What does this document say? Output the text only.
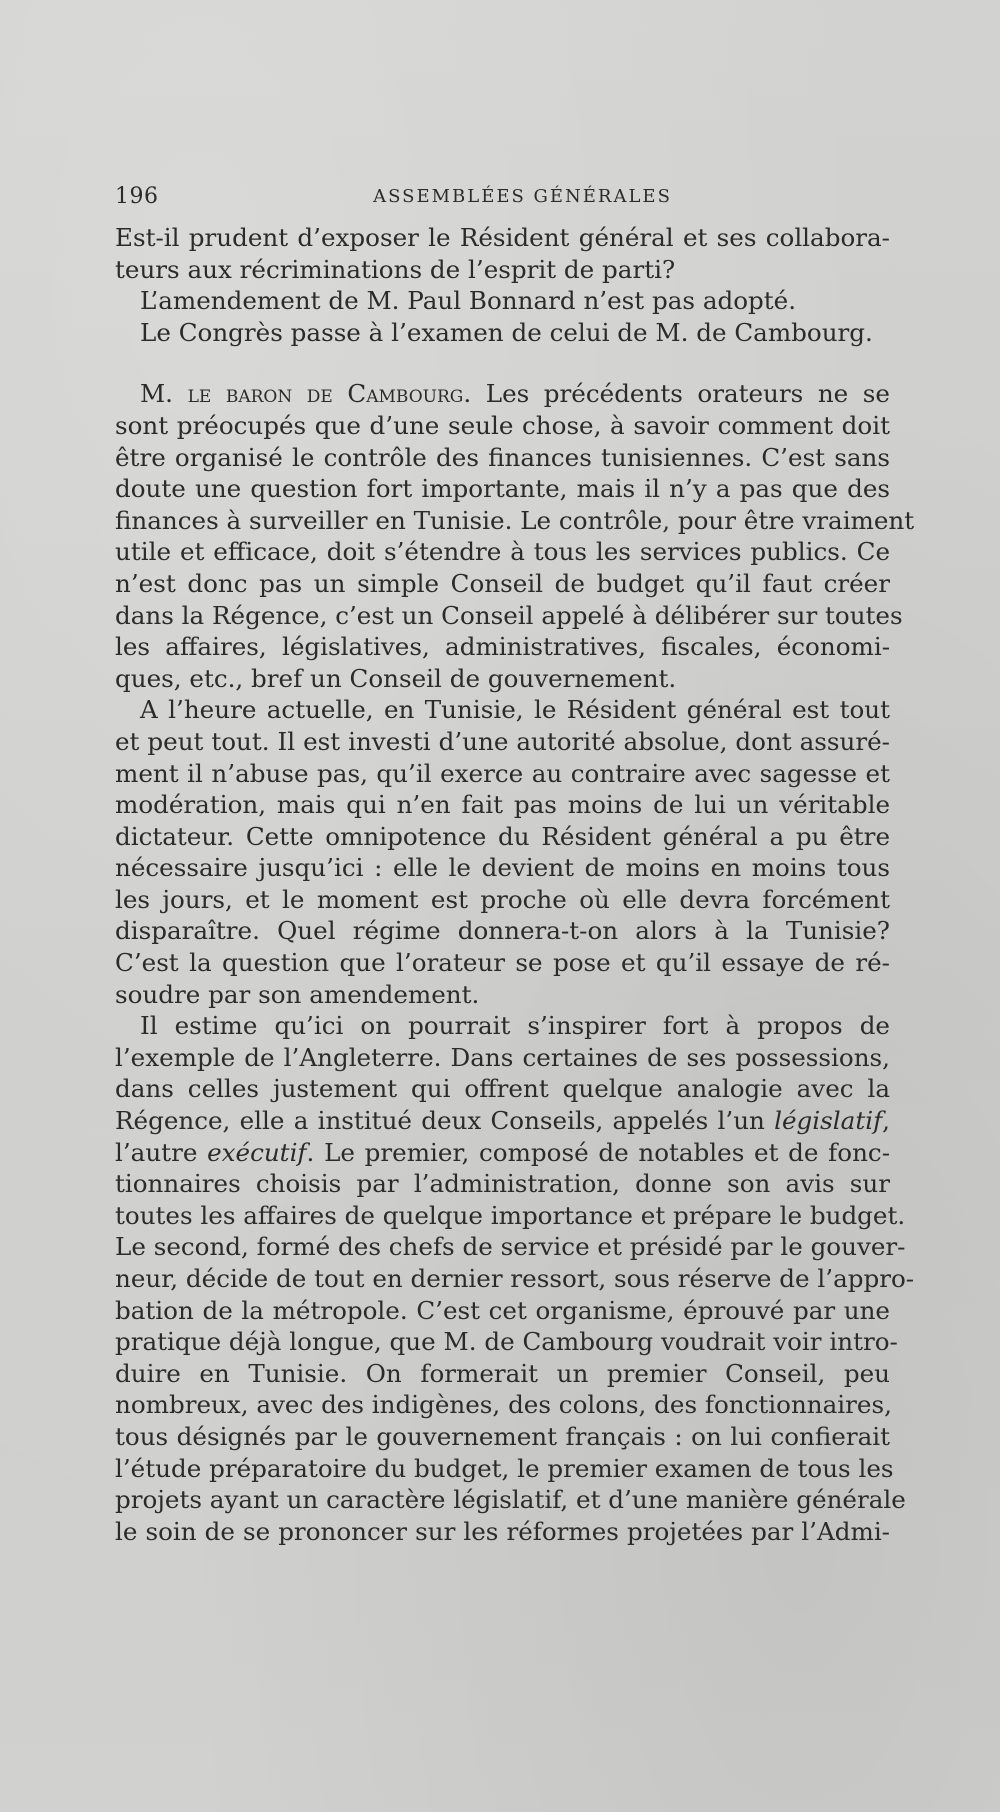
196	ASSEMBLÉES GÉNÉRALES

Est-il prudent d’exposer le Résident général et ses collabora-
teurs aux récriminations de l’esprit de parti?

L’amendement de M. Paul Bonnard n’est pas adopté.

Le Congrès passe à l’examen de celui de M. de Cambourg.

M. le baron de Cambourg. Les précédents orateurs ne se
sont préocupés que d’une seule chose, à savoir comment doit
être organisé le contrôle des finances tunisiennes. C’est sans
doute une question fort importante, mais il n’y a pas que des
finances à surveiller en Tunisie. Le contrôle, pour être vraiment
utile et efficace, doit s’étendre à tous les services publics. Ce
n’est donc pas un simple Conseil de budget qu’il faut créer
dans la Régence, c’est un Conseil appelé à délibérer sur toutes
les affaires, législatives, administratives, fiscales, économi-
ques, etc., bref un Conseil de gouvernement.

A l’heure actuelle, en Tunisie, le Résident général est tout
et peut tout. Il est investi d’une autorité absolue, dont assuré-
ment il n’abuse pas, qu’il exerce au contraire avec sagesse et
modération, mais qui n’en fait pas moins de lui un véritable
dictateur. Cette omnipotence du Résident général a pu être
nécessaire jusqu’ici : elle le devient de moins en moins tous
les jours, et le moment est proche où elle devra forcément
disparaître. Quel régime donnera-t-on alors à la Tunisie?
C’est la question que l’orateur se pose et qu’il essaye de ré-
soudre par son amendement.

Il estime qu’ici on pourrait s’inspirer fort à propos de
l’exemple de l’Angleterre. Dans certaines de ses possessions,
dans celles justement qui offrent quelque analogie avec la
Régence, elle a institué deux Conseils, appelés l’un législatif,
l’autre exécutif. Le premier, composé de notables et de fonc-
tionnaires choisis par l’administration, donne son avis sur
toutes les affaires de quelque importance et prépare le budget.
Le second, formé des chefs de service et présidé par le gouver-
neur, décide de tout en dernier ressort, sous réserve de l’appro-
bation de la métropole. C’est cet organisme, éprouvé par une
pratique déjà longue, que M. de Cambourg voudrait voir intro-
duire en Tunisie. On formerait un premier Conseil, peu
nombreux, avec des indigènes, des colons, des fonctionnaires,
tous désignés par le gouvernement français : on lui confierait
l’étude préparatoire du budget, le premier examen de tous les
projets ayant un caractère législatif, et d’une manière générale
le soin de se prononcer sur les réformes projetées par l’Admi-
